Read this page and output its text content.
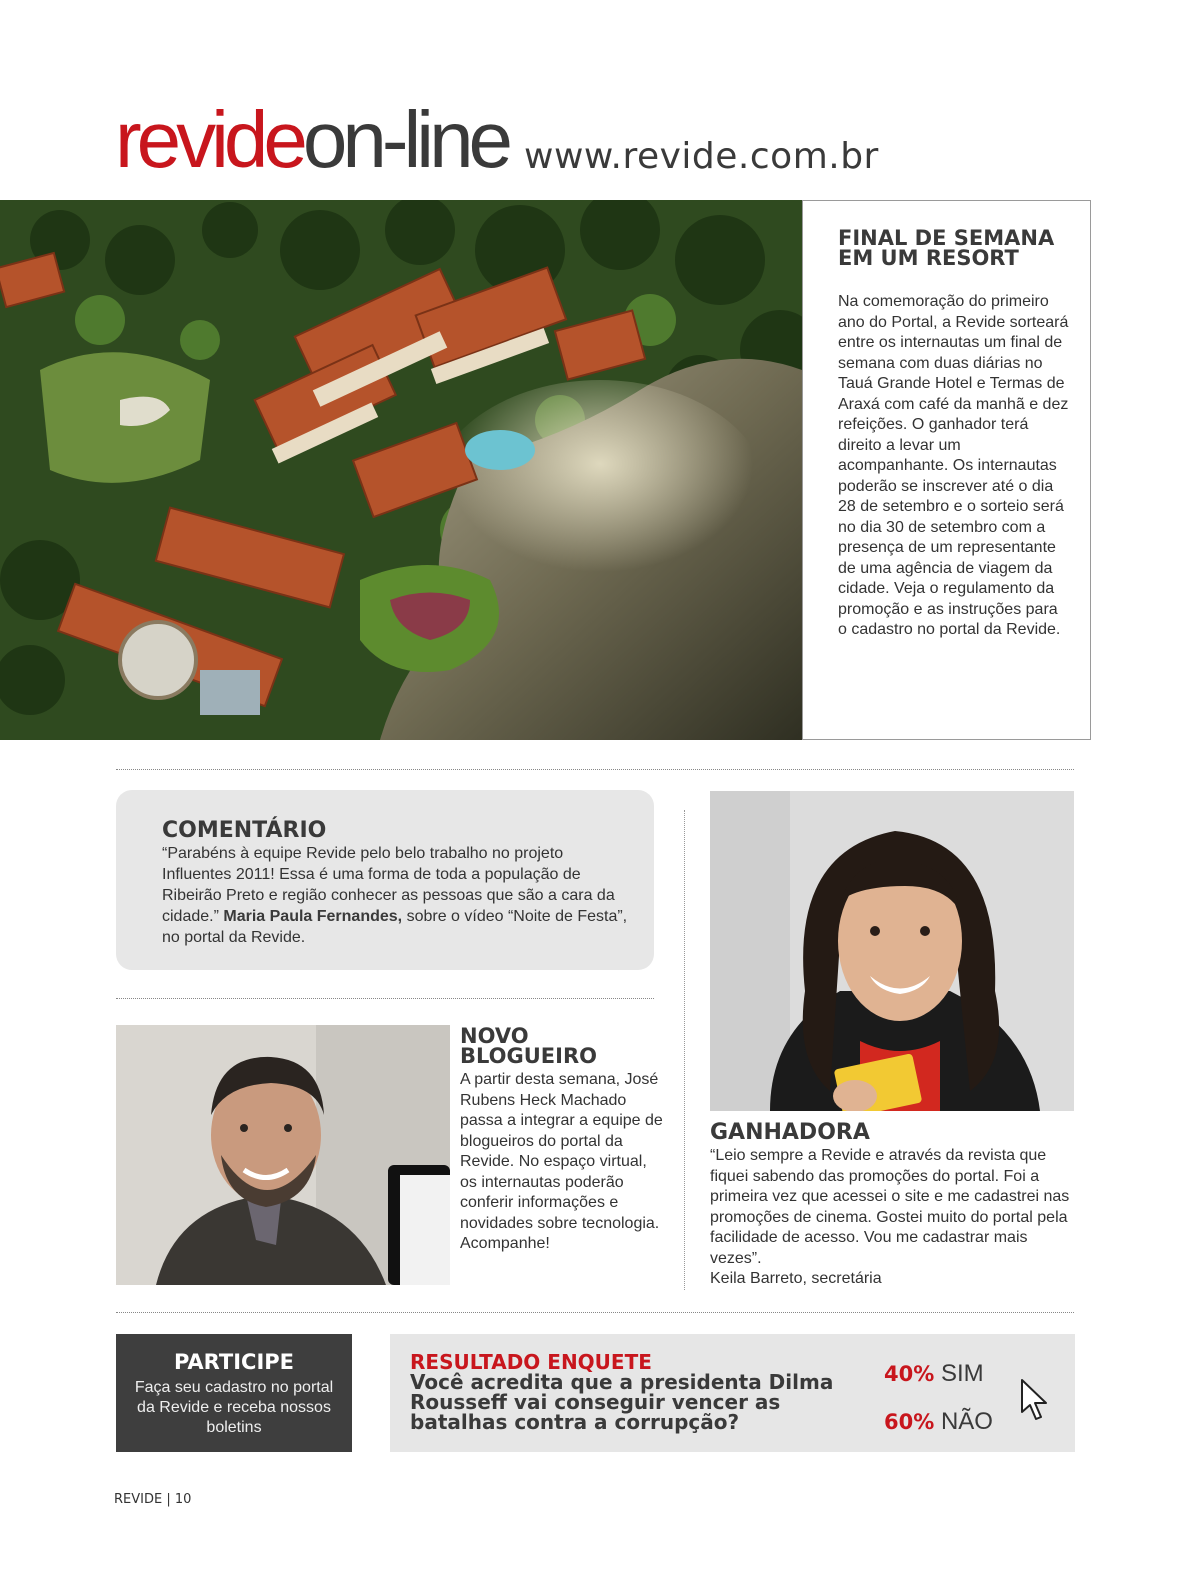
revideon-line www.revide.com.br
FINAL DE SEMANA EM UM RESORT
Na comemoração do primeiro ano do Portal, a Revide sorteará entre os internautas um final de semana com duas diárias no Tauá Grande Hotel e Termas de Araxá com café da manhã e dez refeições. O ganhador terá direito a levar um acompanhante. Os internautas poderão se inscrever até o dia 28 de setembro e o sorteio será no dia 30 de setembro com a presença de um representante de uma agência de viagem da cidade. Veja o regulamento da promoção e as instruções para o cadastro no portal da Revide.
COMENTÁRIO
“Parabéns à equipe Revide pelo belo trabalho no projeto Influentes 2011! Essa é uma forma de toda a população de Ribeirão Preto e região conhecer as pessoas que são a cara da cidade.” Maria Paula Fernandes, sobre o vídeo “Noite de Festa”, no portal da Revide.
NOVO BLOGUEIRO
A partir desta semana, José Rubens Heck Machado passa a integrar a equipe de blogueiros do portal da Revide. No espaço virtual, os internautas poderão conferir informações e novidades sobre tecnologia. Acompanhe!
GANHADORA
“Leio sempre a Revide e através da revista que fiquei sabendo das promoções do portal. Foi a primeira vez que acessei o site e me cadastrei nas promoções de cinema. Gostei muito do portal pela facilidade de acesso. Vou me cadastrar mais vezes”.
Keila Barreto, secretária
PARTICIPE
Faça seu cadastro no portal da Revide e receba nossos boletins
RESULTADO ENQUETE
Você acredita que a presidenta Dilma Rousseff vai conseguir vencer as batalhas contra a corrupção?
40% SIM
60% NÃO
REVIDE | 10
